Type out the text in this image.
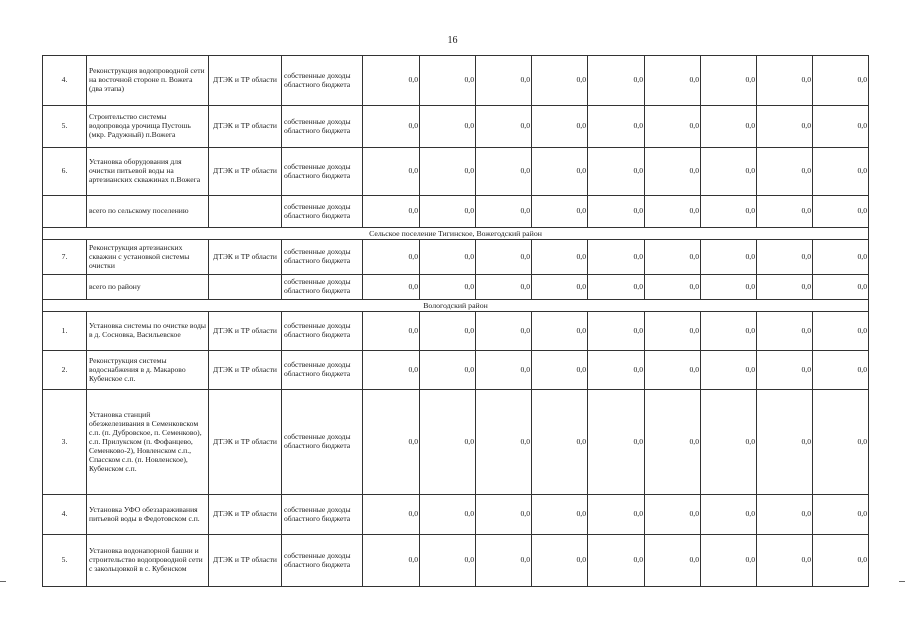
16
4.	Реконструкция водопроводной сети на восточной стороне п. Вожега (два этапа)	ДТЭК и ТР области	собственные доходы областного бюджета	0,0	0,0	0,0	0,0	0,0	0,0	0,0	0,0	0,0
5.	Строительство системы водопровода урочища Пустошь (мкр. Радужный) п.Вожега	ДТЭК и ТР области	собственные доходы областного бюджета	0,0	0,0	0,0	0,0	0,0	0,0	0,0	0,0	0,0
6.	Установка оборудования для очистки питьевой воды на артезианских скважинах п.Вожега	ДТЭК и ТР области	собственные доходы областного бюджета	0,0	0,0	0,0	0,0	0,0	0,0	0,0	0,0	0,0
	всего по сельскому поселению		собственные доходы областного бюджета	0,0	0,0	0,0	0,0	0,0	0,0	0,0	0,0	0,0
Сельское поселение Тигинское, Вожегодский район												
7.	Реконструкция артезианских скважин с установкой системы очистки	ДТЭК и ТР области	собственные доходы областного бюджета	0,0	0,0	0,0	0,0	0,0	0,0	0,0	0,0	0,0
	всего по району		собственные доходы областного бюджета	0,0	0,0	0,0	0,0	0,0	0,0	0,0	0,0	0,0
Вологодский район												
1.	Установка системы по очистке воды в д. Сосновка, Васильевское	ДТЭК и ТР области	собственные доходы областного бюджета	0,0	0,0	0,0	0,0	0,0	0,0	0,0	0,0	0,0
2.	Реконструкция системы водоснабжения в д. Макарово Кубенское с.п.	ДТЭК и ТР области	собственные доходы областного бюджета	0,0	0,0	0,0	0,0	0,0	0,0	0,0	0,0	0,0
3.	Установка станций обезжелезивания в Семенковском с.п. (п. Дубровское, п. Семенково), с.п. Прилукском (п. Фофанцево, Семенково-2), Новленском с.п., Спасском с.п. (п. Новленское), Кубенском с.п.	ДТЭК и ТР области	собственные доходы областного бюджета	0,0	0,0	0,0	0,0	0,0	0,0	0,0	0,0	0,0
4.	Установка УФО обеззараживания питьевой воды в Федотовском с.п.	ДТЭК и ТР области	собственные доходы областного бюджета	0,0	0,0	0,0	0,0	0,0	0,0	0,0	0,0	0,0
5.	Установка водонапорной башни и строительство водопроводной сети с закольцовкой в с. Кубенском	ДТЭК и ТР области	собственные доходы областного бюджета	0,0	0,0	0,0	0,0	0,0	0,0	0,0	0,0	0,0
